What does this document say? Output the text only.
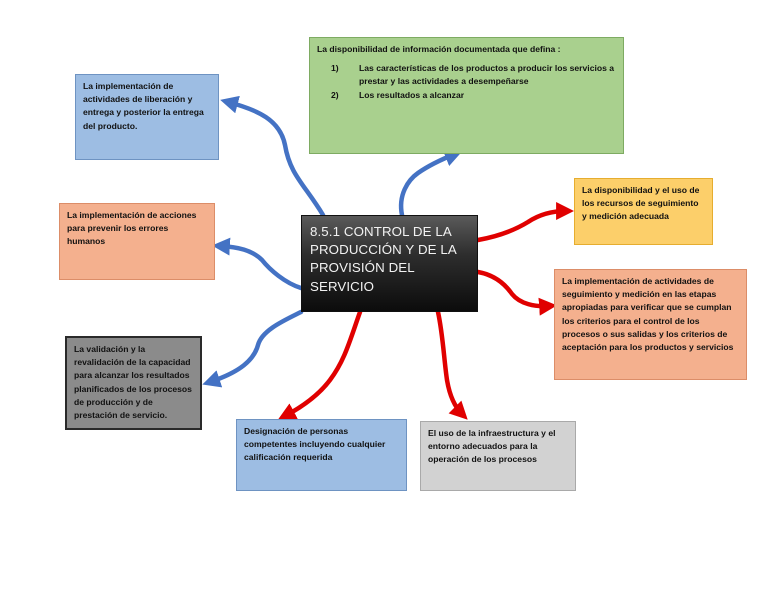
8.5.1 CONTROL DE LA PRODUCCIÓN Y DE LA PROVISIÓN DEL SERVICIO

La implementación de actividades de liberación y entrega y posterior la entrega del producto.

La disponibilidad de información documentada que defina :

1)	Las características de los productos a producir los servicios a prestar y las actividades a desempeñarse
2)	Los resultados a alcanzar

La disponibilidad y el uso de los recursos de seguimiento y medición adecuada

La implementación de actividades de seguimiento y medición en las etapas apropiadas para verificar que se cumplan los criterios para el control de los procesos o sus salidas y los criterios de aceptación para los productos y servicios

La implementación de acciones para prevenir los errores humanos

La validación y la revalidación de la capacidad para alcanzar los resultados planificados de los procesos de producción y de prestación de servicio.

Designación de personas competentes incluyendo cualquier calificación requerida

El uso de la infraestructura y el entorno adecuados para la operación de los procesos
